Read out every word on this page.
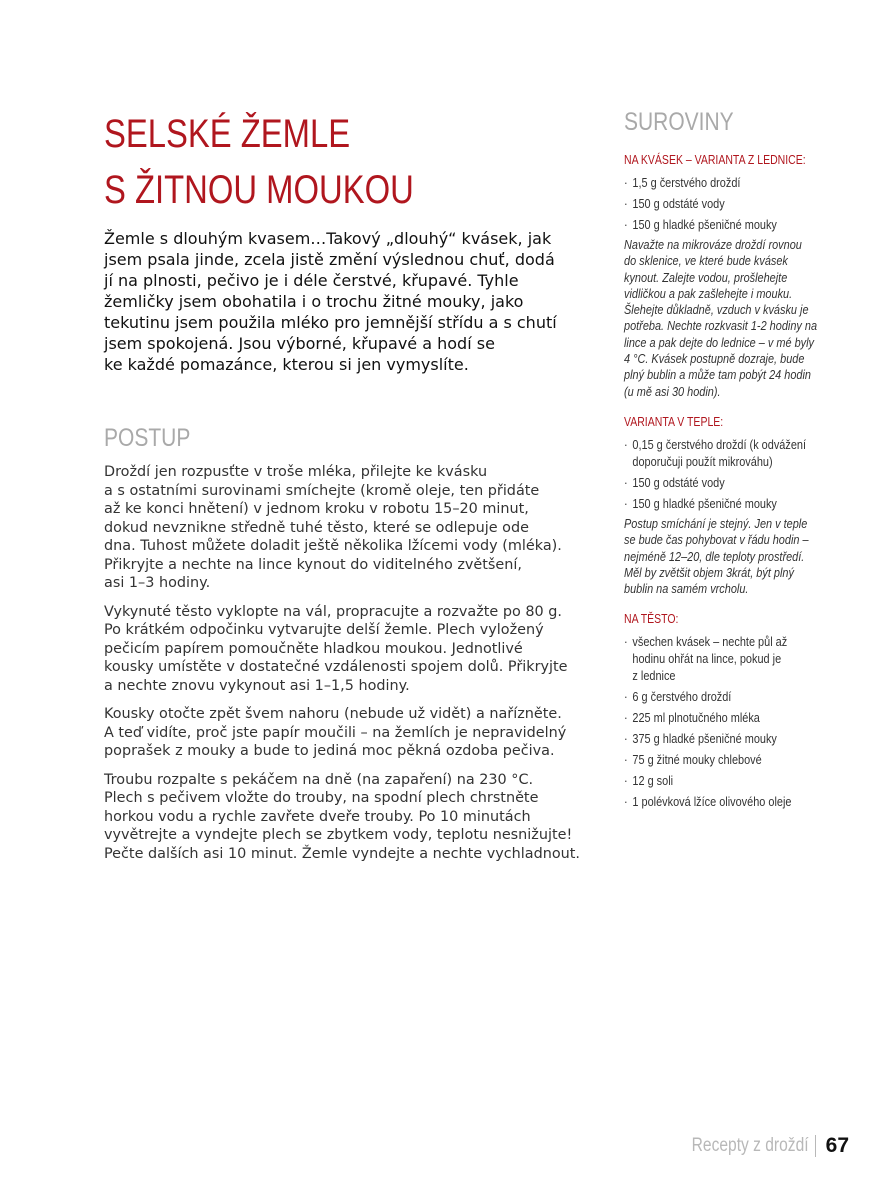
SELSKÉ ŽEMLE
S ŽITNOU MOUKOU
Žemle s dlouhým kvasem…Takový „dlouhý“ kvásek, jak
jsem psala jinde, zcela jistě změní výslednou chuť, dodá
jí na plnosti, pečivo je i déle čerstvé, křupavé. Tyhle
žemličky jsem obohatila i o trochu žitné mouky, jako
tekutinu jsem použila mléko pro jemnější střídu a s chutí
jsem spokojená. Jsou výborné, křupavé a hodí se
ke každé pomazánce, kterou si jen vymyslíte.
POSTUP
Droždí jen rozpusťte v troše mléka, přilejte ke kvásku
a s ostatními surovinami smíchejte (kromě oleje, ten přidáte
až ke konci hnětení) v jednom kroku v robotu 15–20 minut,
dokud nevznikne středně tuhé těsto, které se odlepuje ode
dna. Tuhost můžete doladit ještě několika lžícemi vody (mléka).
Přikryjte a nechte na lince kynout do viditelného zvětšení,
asi 1–3 hodiny.
Vykynuté těsto vyklopte na vál, propracujte a rozvažte po 80 g.
Po krátkém odpočinku vytvarujte delší žemle. Plech vyložený
pečicím papírem pomoučněte hladkou moukou. Jednotlivé
kousky umístěte v dostatečné vzdálenosti spojem dolů. Přikryjte
a nechte znovu vykynout asi 1–1,5 hodiny.
Kousky otočte zpět švem nahoru (nebude už vidět) a nařízněte.
A teď vidíte, proč jste papír moučili – na žemlích je nepravidelný
poprašek z mouky a bude to jediná moc pěkná ozdoba pečiva.
Troubu rozpalte s pekáčem na dně (na zapaření) na 230 °C.
Plech s pečivem vložte do trouby, na spodní plech chrstněte
horkou vodu a rychle zavřete dveře trouby. Po 10 minutách
vyvětrejte a vyndejte plech se zbytkem vody, teplotu nesnižujte!
Pečte dalších asi 10 minut. Žemle vyndejte a nechte vychladnout.
SUROVINY
NA KVÁSEK – VARIANTA Z LEDNICE:
· 1,5 g čerstvého droždí
· 150 g odstáté vody
· 150 g hladké pšeničné mouky
Navažte na mikrováze droždí rovnou
do sklenice, ve které bude kvásek
kynout. Zalejte vodou, prošlehejte
vidličkou a pak zašlehejte i mouku.
Šlehejte důkladně, vzduch v kvásku je
potřeba. Nechte rozkvasit 1-2 hodiny na
lince a pak dejte do lednice – v mé byly
4 °C. Kvásek postupně dozraje, bude
plný bublin a může tam pobýt 24 hodin
(u mě asi 30 hodin).
VARIANTA V TEPLE:
· 0,15 g čerstvého droždí (k odvážení
doporučuji použít mikrováhu)
· 150 g odstáté vody
· 150 g hladké pšeničné mouky
Postup smíchání je stejný. Jen v teple
se bude čas pohybovat v řádu hodin –
nejméně 12–20, dle teploty prostředí.
Měl by zvětšit objem 3krát, být plný
bublin na samém vrcholu.
NA TĚSTO:
· všechen kvásek – nechte půl až
hodinu ohřát na lince, pokud je
z lednice
· 6 g čerstvého droždí
· 225 ml plnotučného mléka
· 375 g hladké pšeničné mouky
· 75 g žitné mouky chlebové
· 12 g soli
· 1 polévková lžíce olivového oleje
Recepty z droždí 67
